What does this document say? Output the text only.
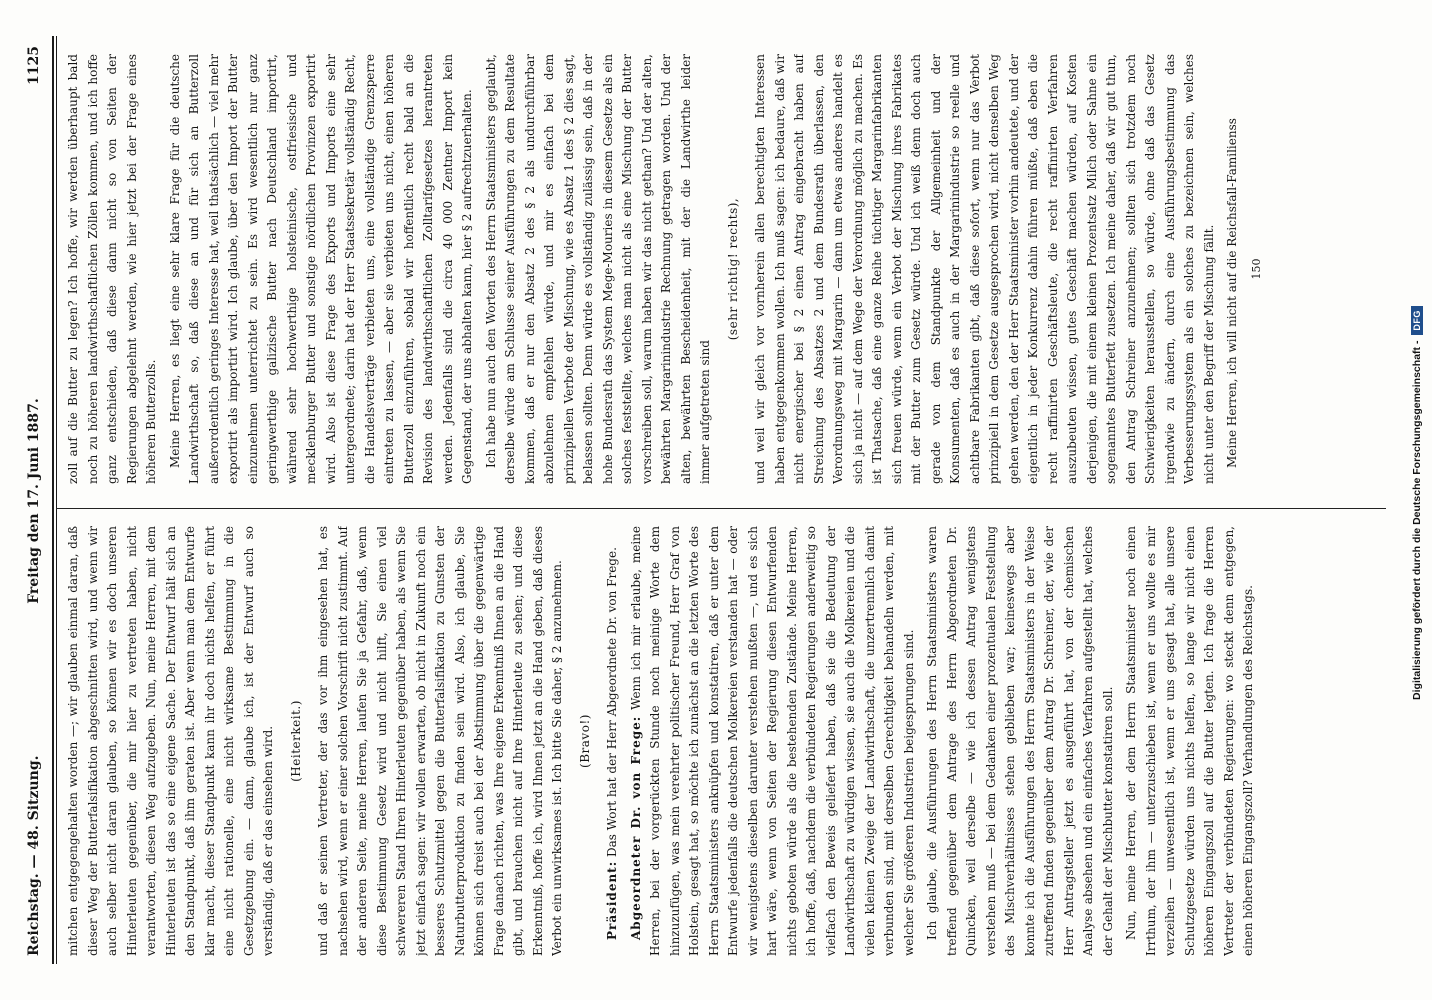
Reichstag. — 48. Sitzung.
Freitag den 17. Juni 1887.
1125

mitchen entgegengehalten worden —; wir glauben einmal daran, daß dieser Weg der Butterfalsifikation abgeschnitten wird, und wenn wir auch selber nicht daran glauben, so können wir es doch unseren Hinterleuten gegenüber, die mir hier zu vertreten haben, nicht verantworten, diesen Weg aufzugeben. Nun, meine Herren, mit dem Hinterleuten ist das so eine eigene Sache. Der Entwurf hält sich an den Standpunkt, daß ihm geraten ist. Aber wenn man dem Entwurfe klar macht, dieser Standpunkt kann ihr doch nichts helfen, er führt eine nicht rationelle, eine nicht wirksame Bestimmung in die Gesetzgebung ein. — dann, glaube ich, ist der Entwurf auch so verständig, daß er das einsehen wird. (Heiterkeit.) und daß er seinen Vertreter, der das vor ihm eingesehen hat, es nachsehen wird, wenn er einer solchen Vorschrift nicht zustimmt. Auf der anderen Seite, meine Herren, laufen Sie ja Gefahr, daß, wenn diese Bestimmung Gesetz wird und nicht hilft, Sie einen viel schwereren Stand Ihren Hinterleuten gegenüber haben, als wenn Sie jetzt einfach sagen: wir wollen erwarten, ob nicht in Zukunft noch ein besseres Schutzmittel gegen die Butterfalsifikation zu Gunsten der Naturbutterproduktion zu finden sein wird. Also, ich glaube, Sie können sich dreist auch bei der Abstimmung über die gegenwärtige Frage danach richten, was Ihre eigene Erkenntniß Ihnen an die Hand gibt, und brauchen nicht auf Ihre Hinterleute zu sehen; und diese Erkenntniß, hoffe ich, wird Ihnen jetzt an die Hand geben, daß dieses Verbot ein unwirksames ist. Ich bitte Sie daher, § 2 anzunehmen. (Bravo!)

Präsident: Das Wort hat der Herr Abgeordnete Dr. von Frege. Abgeordneter Dr. von Frege: Wenn ich mir erlaube, meine Herren, bei der vorgerückten Stunde noch meinige Worte dem hinzuzufügen, was mein verehrter politischer Freund, Herr Graf von Holstein, gesagt hat, so möchte ich zunächst an die letzten Worte des Herrn Staatsministers anknüpfen und konstatiren, daß er unter dem Entwurfe jedenfalls die deutschen Molkereien verstanden hat — oder wir wenigstens dieselben darunter verstehen mußten —, und es sich hart wäre, wenn von Seiten der Regierung diesen Entwurfenden nichts geboten würde als die bestehenden Zustände. Meine Herren, ich hoffe, daß, nachdem die verbündeten Regierungen anderweitig so vielfach den Beweis geliefert haben, daß sie die Bedeutung der Landwirthschaft zu würdigen wissen, sie auch die Molkereien und die vielen kleinen Zweige der Landwirthschaft, die unzertrennlich damit verbunden sind, mit derselben Gerechtigkeit behandeln werden, mit welcher Sie größeren Industrien beigesprungen sind. Ich glaube, die Ausführungen des Herrn Staatsministers waren treffend gegenüber dem Antrage des Herrn Abgeordneten Dr. Quincken, weil derselbe — wie ich dessen Antrag wenigstens verstehen muß — bei dem Gedanken einer prozentualen Feststellung des Mischverhältnisses stehen geblieben war; keineswegs aber konnte ich die Ausführungen des Herrn Staatsministers in der Weise zutreffend finden gegenüber dem Antrag Dr. Schreiner, der, wie der Herr Antragsteller jetzt es ausgeführt hat, von der chemischen Analyse absehen und ein einfaches Verfahren aufgestellt hat, welches der Gehalt der Mischbutter konstatiren soll. Nun, meine Herren, der dem Herrn Staatsminister noch einen Irrthum, der ihm — unterzuschieben ist, wenn er uns wollte es mir verzeihen — unwesentlich ist, wenn er uns gesagt hat, alle unsere Schutzgesetze würden uns nichts helfen, so lange wir nicht einen höheren Eingangszoll auf die Butter legten. Ich frage die Herren Vertreter der verbündeten Regierungen: wo steckt denn entgegen, einen höheren Eingangszoll? Verhandlungen des Reichstags.

zoll auf die Butter zu legen? Ich hoffe, wir werden überhaupt bald noch zu höheren landwirthschaftlichen Zöllen kommen, und ich hoffe ganz entschieden, daß diese dann nicht so von Seiten der Regierungen abgelehnt werden, wie hier jetzt bei der Frage eines höheren Butterzolls. Meine Herren, es liegt eine sehr klare Frage für die deutsche Landwirthschaft so, daß diese an und für sich an Butterzoll außerordentlich geringes Interesse hat, weil thatsächlich — viel mehr exportirt als importirt wird. Ich glaube, über den Import der Butter einzunehmen unterrichtet zu sein. Es wird wesentlich nur ganz geringwerthige galizische Butter nach Deutschland importirt, während sehr hochwerthige holsteinische, ostfriesische und mecklenburger Butter und sonstige nördlichen Provinzen exportirt wird. Also ist diese Frage des Exports und Imports eine sehr untergeordnete; darin hat der Herr Staatssekretär vollständig Recht, die Handelsverträge verbieten uns, eine vollständige Grenzsperre eintreten zu lassen, — aber sie verbieten uns nicht, einen höheren Butterzoll einzuführen, sobald wir hoffentlich recht bald an die Revision des landwirthschaftlichen Zolltarifgesetzes herantreten werden. Jedenfalls sind die circa 40 000 Zentner Import kein Gegenstand, der uns abhalten kann, hier § 2 aufrechtzuerhalten. Ich habe nun auch den Worten des Herrn Staatsministers geglaubt, derselbe würde am Schlusse seiner Ausführungen zu dem Resultate kommen, daß er nur den Absatz 2 des § 2 als undurchführbar abzulehnen empfehlen würde, und mir es einfach bei dem prinzipiellen Verbote der Mischung, wie es Absatz 1 des § 2 dies sagt, belassen sollten. Denn würde es vollständig zulässig sein, daß in der hohe Bundesrath das System Mege-Mouries in diesem Gesetze als ein solches feststellte, welches man nicht als eine Mischung der Butter vorschreiben soll, warum haben wir das nicht gethan? Und der alten, bewährten Margarinindustrie Rechnung getragen worden. Und der alten, bewährten Bescheidenheit, mit der die Landwirthe leider immer aufgetreten sind

(sehr richtig! rechts), und weil wir gleich vor vornherein allen berechtigten Interessen haben entgegenkommen wollen. Ich muß sagen: ich bedaure, daß wir nicht energischer bei § 2 einen Antrag eingebracht haben auf Streichung des Absatzes 2 und dem Bundesrath überlassen, den Verordnungsweg mit Margarin — dann um etwas anderes handelt es sich ja nicht — auf dem Wege der Verordnung möglich zu machen. Es ist Thatsache, daß eine ganze Reihe tüchtiger Margarinfabrikanten sich freuen würde, wenn ein Verbot der Mischung ihres Fabrikates mit der Butter zum Gesetz würde. Und ich weiß denn doch auch gerade von dem Standpunkte der Allgemeinheit und der Konsumenten, daß es auch in der Margarinindustrie so reelle und achtbare Fabrikanten gibt, daß diese sofort, wenn nur das Verbot prinzipiell in dem Gesetze ausgesprochen wird, nicht denselben Weg gehen werden, den der Herr Staatsminister vorhin andeutete, und der eigentlich in jeder Konkurrenz dahin führen müßte, daß eben die recht raffinirten Geschäftsleute, die recht raffinirten Verfahren auszubeuten wissen, gutes Geschäft machen würden, auf Kosten derjenigen, die mit einem kleinen Prozentsatz Milch oder Sahne ein sogenanntes Butterfett zusetzen. Ich meine daher, daß wir gut thun, den Antrag Schreiner anzunehmen; sollten sich trotzdem noch Schwierigkeiten herausstellen, so würde, ohne daß das Gesetz irgendwie zu ändern, durch eine Ausführungsbestimmung das Verbesserungssystem als ein solches zu bezeichnen sein, welches nicht unter den Begriff der Mischung fällt. Meine Herren, ich will nicht auf die Reichsfall-Familienss 150
Digitalisierung gefördert durch die Deutsche Forschungsgemeinschaft -
DFG
